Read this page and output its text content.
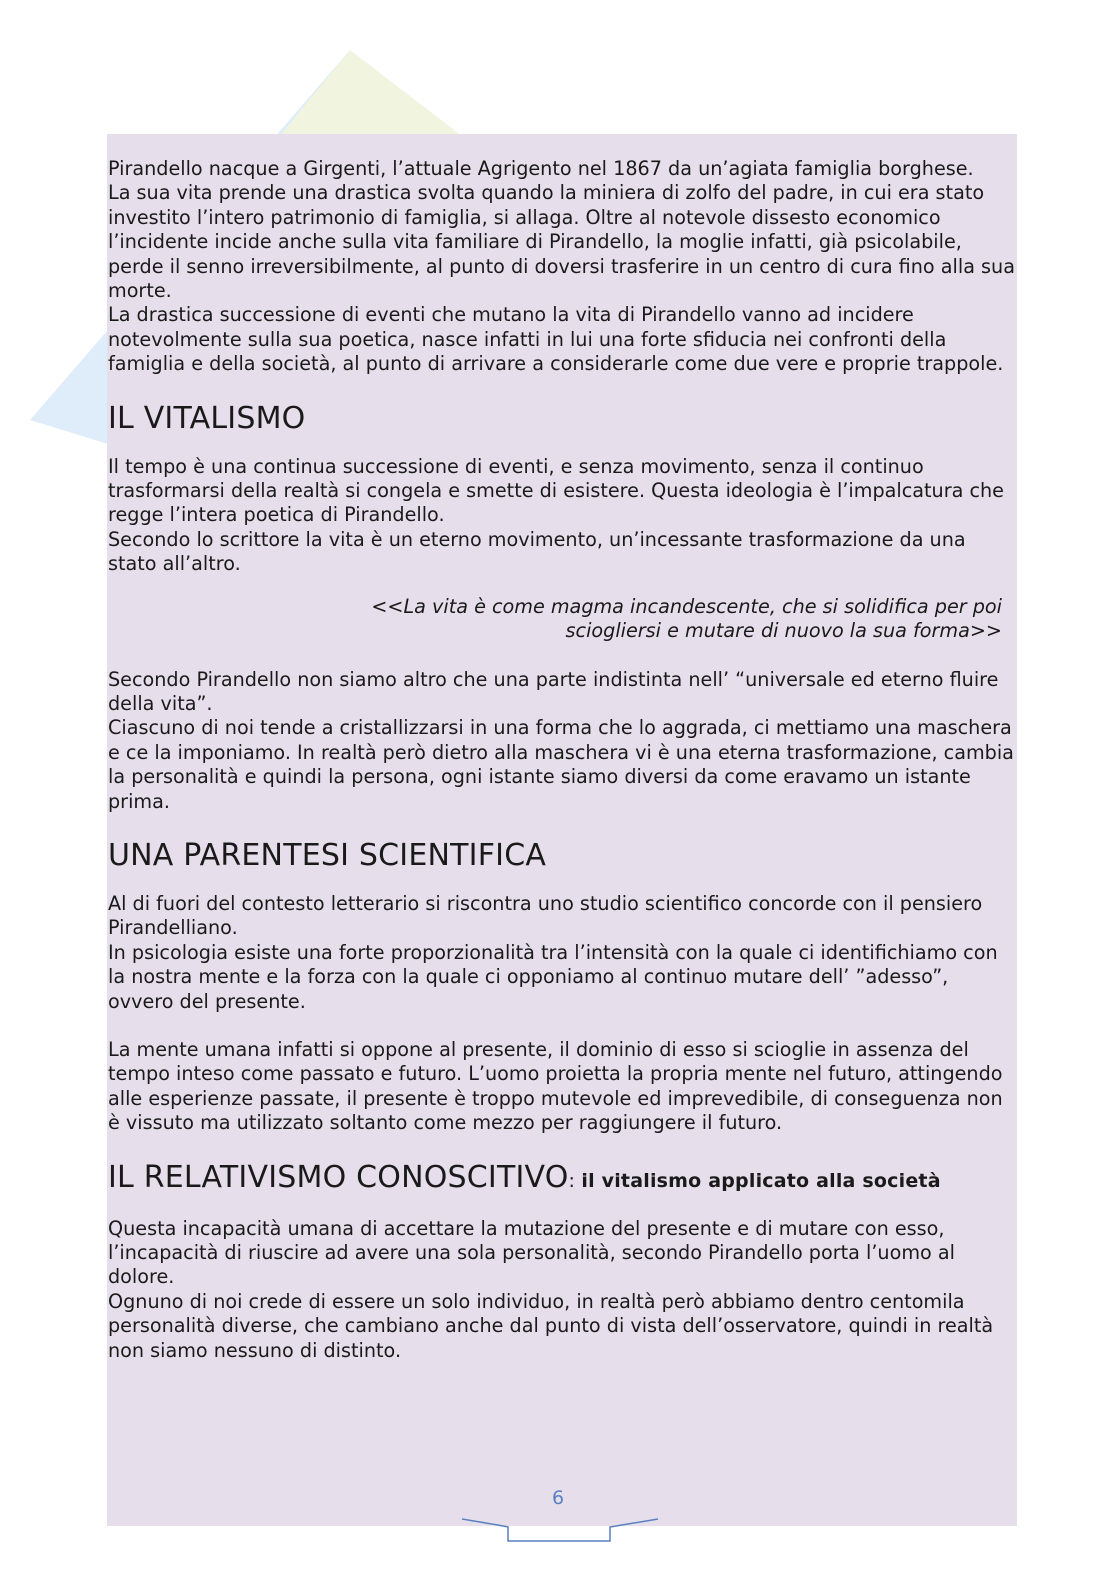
Pirandello nacque a Girgenti, l’attuale Agrigento nel 1867 da un’agiata famiglia borghese.

La sua vita prende una drastica svolta quando la miniera di zolfo del padre, in cui era stato investito l’intero patrimonio di famiglia, si allaga. Oltre al notevole dissesto economico l’incidente incide anche sulla vita familiare di Pirandello, la moglie infatti, già psicolabile, perde il senno irreversibilmente, al punto di doversi trasferire in un centro di cura fino alla sua morte.

La drastica successione di eventi che mutano la vita di Pirandello vanno ad incidere notevolmente sulla sua poetica, nasce infatti in lui una forte sfiducia nei confronti della famiglia e della società, al punto di arrivare a considerarle come due vere e proprie trappole.

IL VITALISMO

Il tempo è una continua successione di eventi, e senza movimento, senza il continuo trasformarsi della realtà si congela e smette di esistere. Questa ideologia è l’impalcatura che regge l’intera poetica di Pirandello.

Secondo lo scrittore la vita è un eterno movimento, un’incessante trasformazione da una stato all’altro.

<<La vita è come magma incandescente, che si solidifica per poi
sciogliersi e mutare di nuovo la sua forma>>

Secondo Pirandello non siamo altro che una parte indistinta nell’ “universale ed eterno fluire della vita”.

Ciascuno di noi tende a cristallizzarsi in una forma che lo aggrada, ci mettiamo una maschera e ce la imponiamo. In realtà però dietro alla maschera vi è una eterna trasformazione, cambia la personalità e quindi la persona, ogni istante siamo diversi da come eravamo un istante prima.

UNA PARENTESI SCIENTIFICA

Al di fuori del contesto letterario si riscontra uno studio scientifico concorde con il pensiero Pirandelliano.

In psicologia esiste una forte proporzionalità tra l’intensità con la quale ci identifichiamo con la nostra mente e la forza con la quale ci opponiamo al continuo mutare dell’ ”adesso”, ovvero del presente.

La mente umana infatti si oppone al presente, il dominio di esso si scioglie in assenza del tempo inteso come passato e futuro. L’uomo proietta la propria mente nel futuro, attingendo alle esperienze passate, il presente è troppo mutevole ed imprevedibile, di conseguenza non è vissuto ma utilizzato soltanto come mezzo per raggiungere il futuro.

IL RELATIVISMO CONOSCITIVO: il vitalismo applicato alla società

Questa incapacità umana di accettare la mutazione del presente e di mutare con esso, l’incapacità di riuscire ad avere una sola personalità, secondo Pirandello porta l’uomo al dolore.

Ognuno di noi crede di essere un solo individuo, in realtà però abbiamo dentro centomila personalità diverse, che cambiano anche dal punto di vista dell’osservatore, quindi in realtà non siamo nessuno di distinto.

6
